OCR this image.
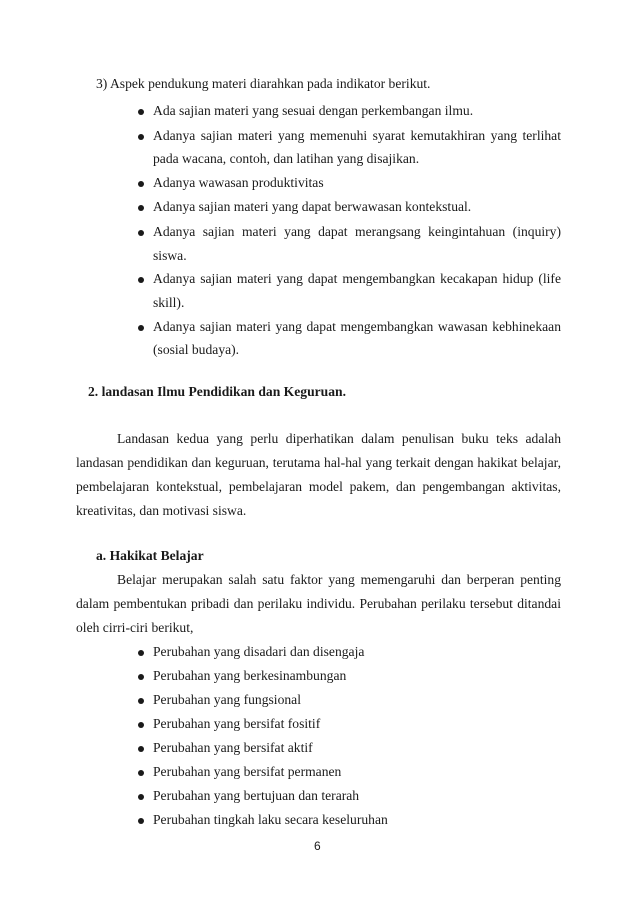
3) Aspek pendukung materi diarahkan pada indikator berikut.
Ada sajian materi yang sesuai dengan perkembangan ilmu.
Adanya sajian materi yang memenuhi syarat kemutakhiran yang terlihat
pada wacana, contoh, dan latihan yang disajikan.
Adanya wawasan produktivitas
Adanya sajian materi yang dapat berwawasan kontekstual.
Adanya sajian materi yang dapat merangsang keingintahuan (inquiry)
siswa.
Adanya sajian materi yang dapat mengembangkan kecakapan hidup (life
skill).
Adanya sajian materi yang dapat mengembangkan wawasan kebhinekaan
(sosial budaya).
2. landasan Ilmu Pendidikan dan Keguruan.
Landasan kedua yang perlu diperhatikan dalam penulisan buku teks adalah
landasan pendidikan dan keguruan, terutama hal-hal yang terkait dengan hakikat belajar,
pembelajaran kontekstual, pembelajaran model pakem, dan pengembangan aktivitas,
kreativitas, dan motivasi siswa.
a. Hakikat Belajar
Belajar merupakan salah satu faktor yang memengaruhi dan berperan penting
dalam pembentukan pribadi dan perilaku individu. Perubahan perilaku tersebut ditandai
oleh cirri-ciri berikut,
Perubahan yang disadari dan disengaja
Perubahan yang berkesinambungan
Perubahan yang fungsional
Perubahan yang bersifat fositif
Perubahan yang bersifat aktif
Perubahan yang bersifat permanen
Perubahan yang bertujuan dan terarah
Perubahan tingkah laku secara keseluruhan
6
